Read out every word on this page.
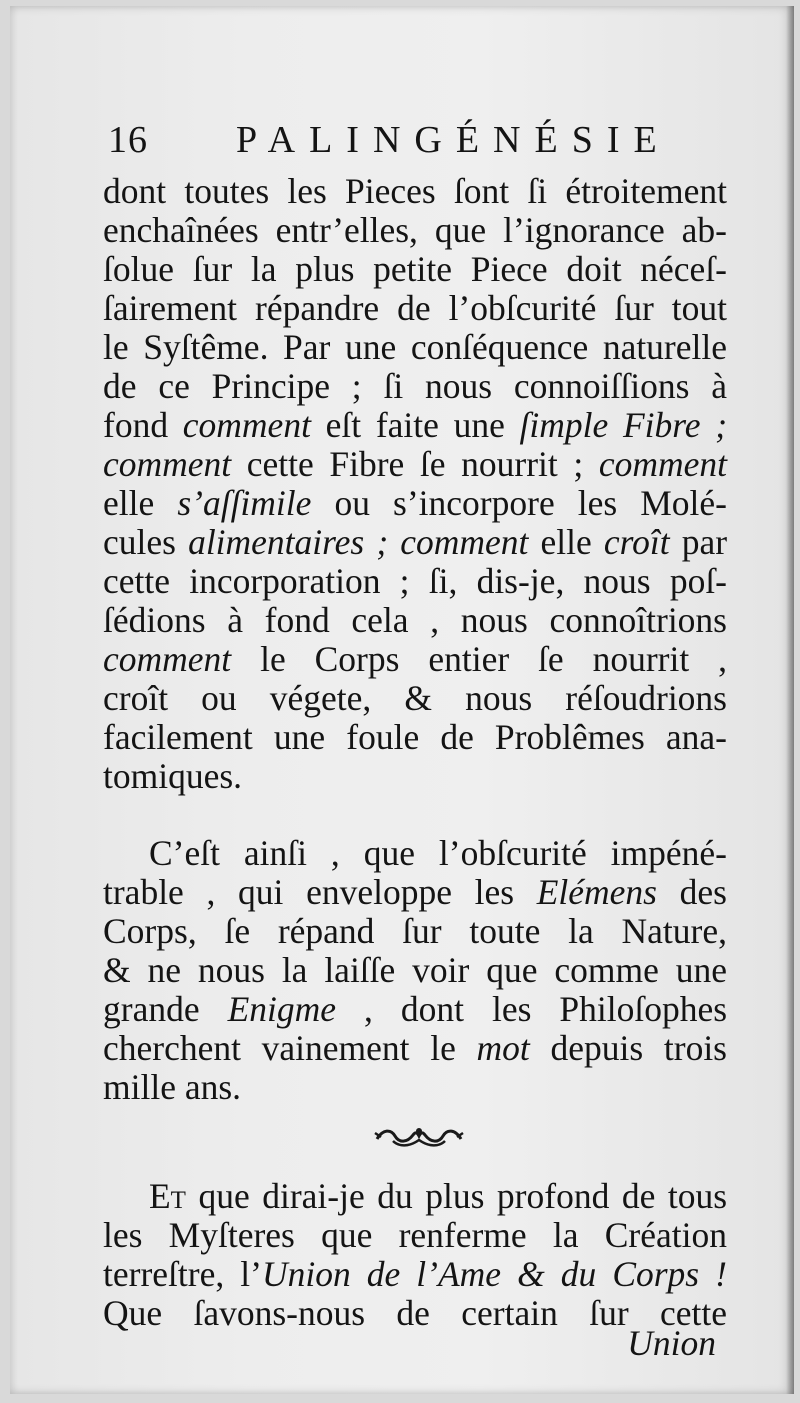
16 PALINGÉNÉSIE
dont toutes les Pieces ſont ſi étroitement
enchaînées entr’elles, que l’ignorance ab-
ſolue ſur la plus petite Piece doit néceſ-
ſairement répandre de l’obſcurité ſur tout
le Syſtême. Par une conſéquence naturelle
de ce Principe ; ſi nous connoiſſions à
fond comment eſt faite une ſimple Fibre ;
comment cette Fibre ſe nourrit ; comment
elle s’aſſimile ou s’incorpore les Molé-
cules alimentaires ; comment elle croît par
cette incorporation ; ſi, dis-je, nous poſ-
ſédions à fond cela , nous connoîtrions
comment le Corps entier ſe nourrit ,
croît ou végete, & nous réſoudrions
facilement une foule de Problêmes ana-
tomiques.
C’eſt ainſi , que l’obſcurité impéné-
trable , qui enveloppe les Elémens des
Corps, ſe répand ſur toute la Nature,
& ne nous la laiſſe voir que comme une
grande Enigme , dont les Philoſophes
cherchent vainement le mot depuis trois
mille ans.
Et que dirai-je du plus profond de tous
les Myſteres que renferme la Création
terreſtre, l’Union de l’Ame & du Corps !
Que ſavons-nous de certain ſur cette
Union
